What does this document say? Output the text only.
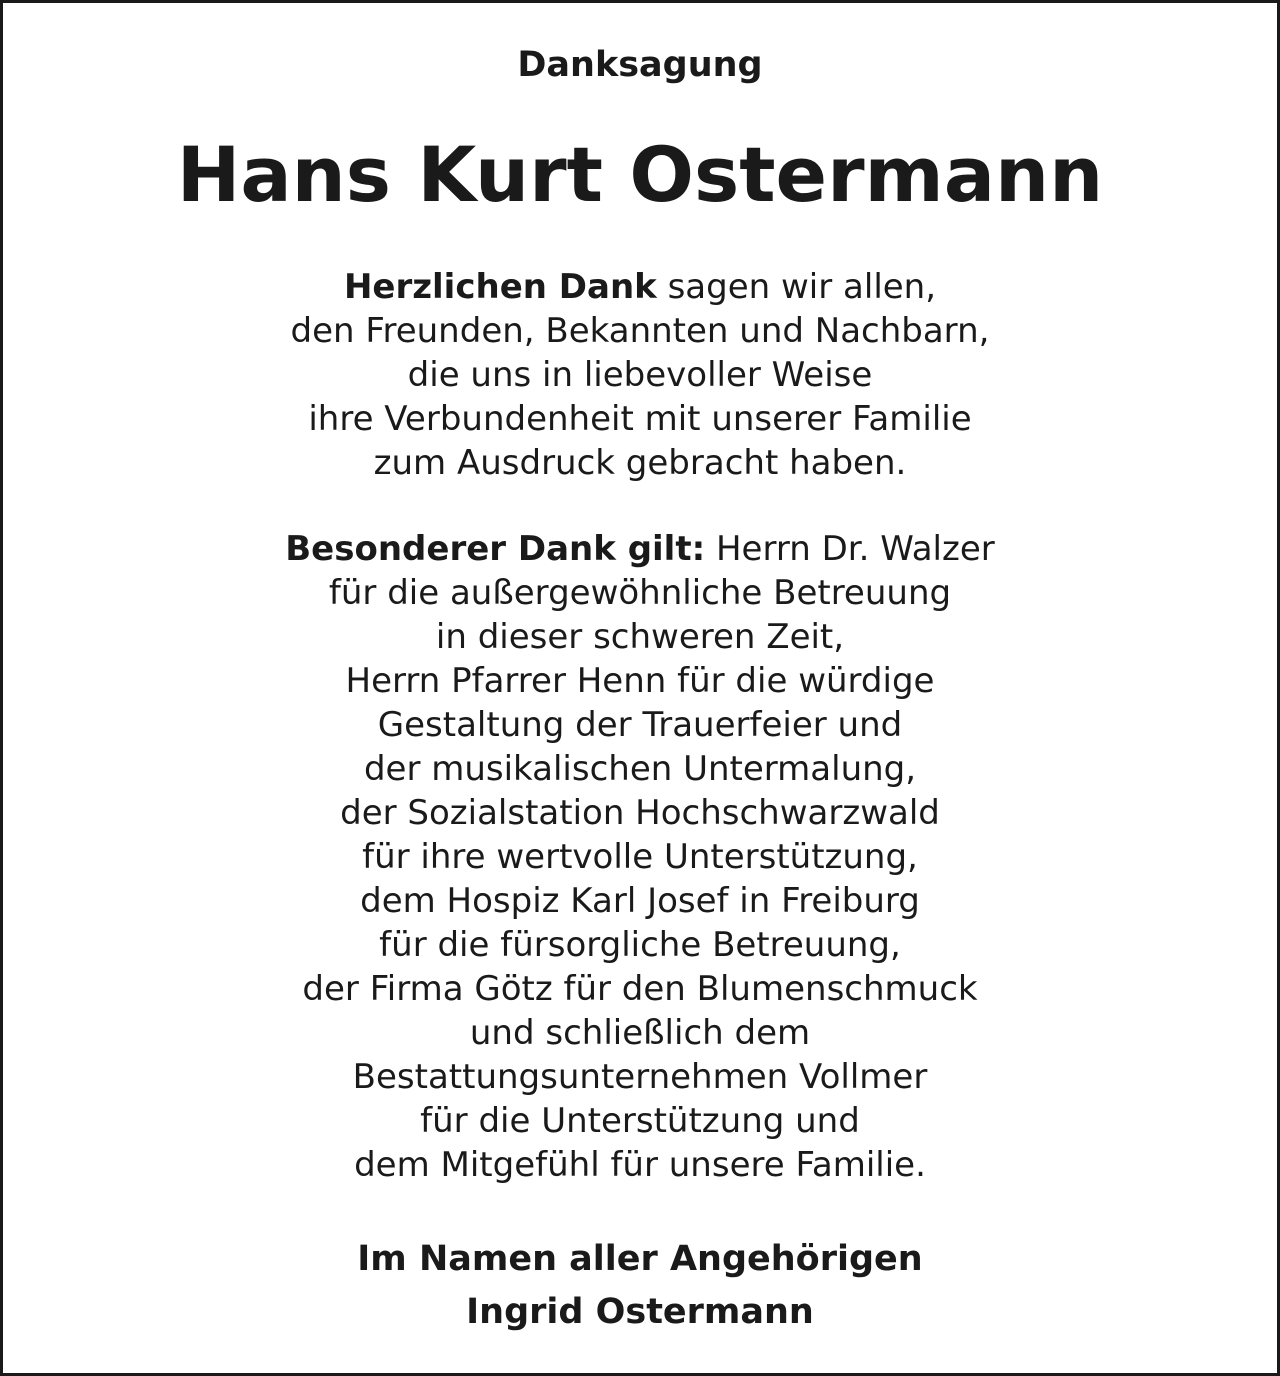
Danksagung
Hans Kurt Ostermann
Herzlichen Dank sagen wir allen,
den Freunden, Bekannten und Nachbarn,
die uns in liebevoller Weise
ihre Verbundenheit mit unserer Familie
zum Ausdruck gebracht haben.
Besonderer Dank gilt: Herrn Dr. Walzer
für die außergewöhnliche Betreuung
in dieser schweren Zeit,
Herrn Pfarrer Henn für die würdige
Gestaltung der Trauerfeier und
der musikalischen Untermalung,
der Sozialstation Hochschwarzwald
für ihre wertvolle Unterstützung,
dem Hospiz Karl Josef in Freiburg
für die fürsorgliche Betreuung,
der Firma Götz für den Blumenschmuck
und schließlich dem
Bestattungsunternehmen Vollmer
für die Unterstützung und
dem Mitgefühl für unsere Familie.
Im Namen aller Angehörigen
Ingrid Ostermann
